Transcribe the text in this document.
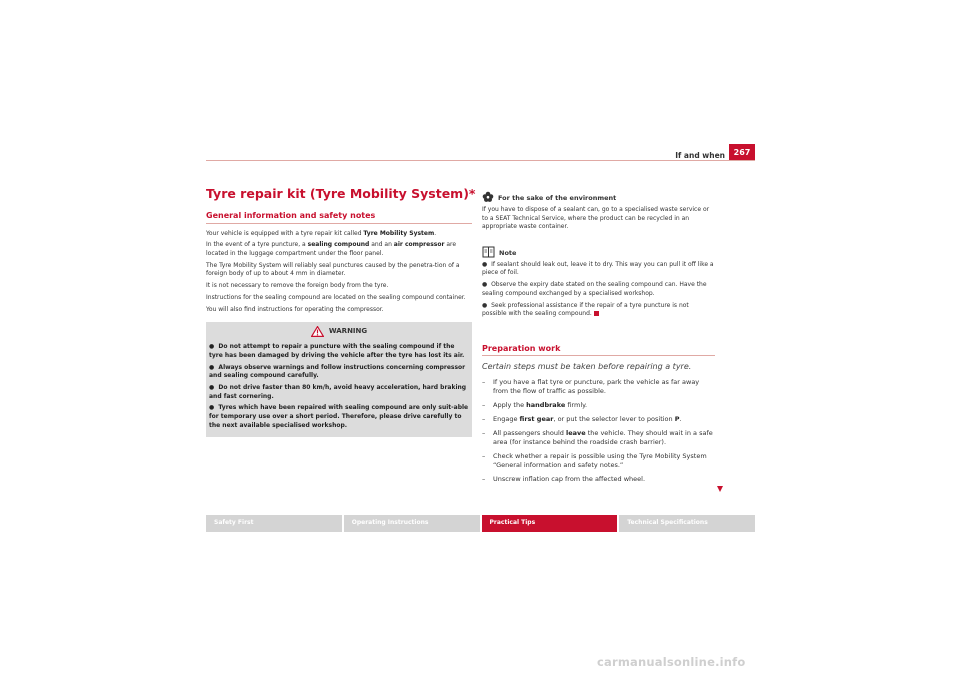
If and when	267
Tyre repair kit (Tyre Mobility System)*
General information and safety notes

Your vehicle is equipped with a tyre repair kit called Tyre Mobility System.

In the event of a tyre puncture, a sealing compound and an air compressor are located in the luggage compartment under the floor panel.

The Tyre Mobility System will reliably seal punctures caused by the penetra-tion of a foreign body of up to about 4 mm in diameter.

It is not necessary to remove the foreign body from the tyre.

Instructions for the sealing compound are located on the sealing compound container.

You will also find instructions for operating the compressor.

WARNING

●  Do not attempt to repair a puncture with the sealing compound if the tyre has been damaged by driving the vehicle after the tyre has lost its air.

●  Always observe warnings and follow instructions concerning compressor and sealing compound carefully.

●  Do not drive faster than 80 km/h, avoid heavy acceleration, hard braking and fast cornering.

●  Tyres which have been repaired with sealing compound are only suit-able for temporary use over a short period. Therefore, please drive carefully to the next available specialised workshop.

For the sake of the environment

If you have to dispose of a sealant can, go to a specialised waste service or to a SEAT Technical Service, where the product can be recycled in an appropriate waste container.

Note

●  If sealant should leak out, leave it to dry. This way you can pull it off like a piece of foil.

●  Observe the expiry date stated on the sealing compound can. Have the sealing compound exchanged by a specialised workshop.

●  Seek professional assistance if the repair of a tyre puncture is not possible with the sealing compound.

Preparation work
Certain steps must be taken before repairing a tyre.
–	If you have a flat tyre or puncture, park the vehicle as far away from the flow of traffic as possible.
–	Apply the handbrake firmly.
–	Engage first gear, or put the selector lever to position P.
–	All passengers should leave the vehicle. They should wait in a safe area (for instance behind the roadside crash barrier).
–	Check whether a repair is possible using the Tyre Mobility System “General information and safety notes.”
–	Unscrew inflation cap from the affected wheel.
Safety First	Operating Instructions	Practical Tips	Technical Specifications
carmanualsonline.info
